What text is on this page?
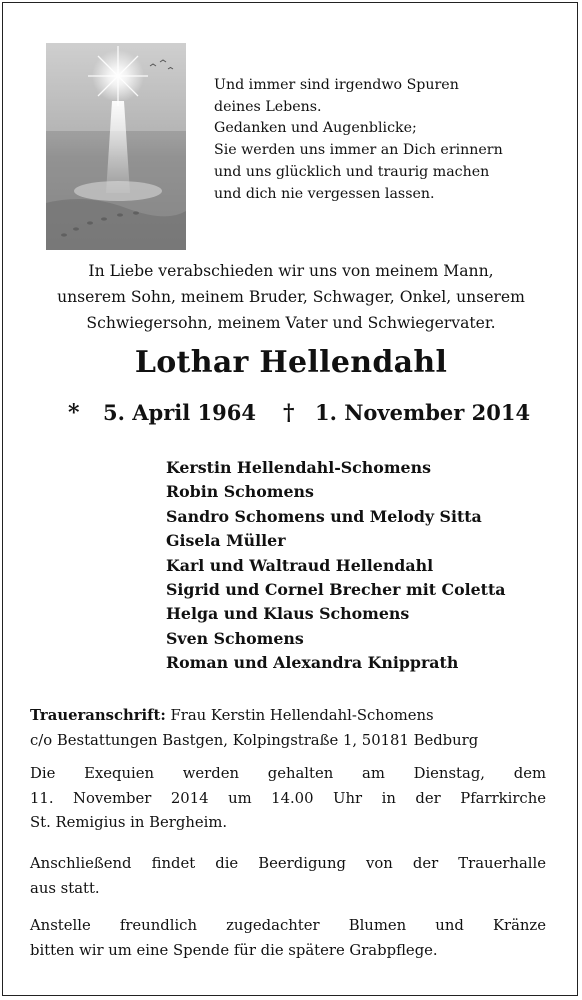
Und immer sind irgendwo Spuren
deines Lebens.
Gedanken und Augenblicke;
Sie werden uns immer an Dich erinnern
und uns glücklich und traurig machen
und dich nie vergessen lassen.
In Liebe verabschieden wir uns von meinem Mann,
unserem Sohn, meinem Bruder, Schwager, Onkel, unserem
Schwiegersohn, meinem Vater und Schwiegervater.
Lothar Hellendahl
* 5. April 1964 † 1. November 2014
Kerstin Hellendahl-Schomens
Robin Schomens
Sandro Schomens und Melody Sitta
Gisela Müller
Karl und Waltraud Hellendahl
Sigrid und Cornel Brecher mit Coletta
Helga und Klaus Schomens
Sven Schomens
Roman und Alexandra Knipprath
Traueranschrift: Frau Kerstin Hellendahl-Schomens
c/o Bestattungen Bastgen, Kolpingstraße 1, 50181 Bedburg
Die Exequien werden gehalten am Dienstag, dem
11. November 2014 um 14.00 Uhr in der Pfarrkirche
St. Remigius in Bergheim.
Anschließend findet die Beerdigung von der Trauerhalle
aus statt.
Anstelle freundlich zugedachter Blumen und Kränze
bitten wir um eine Spende für die spätere Grabpflege.
